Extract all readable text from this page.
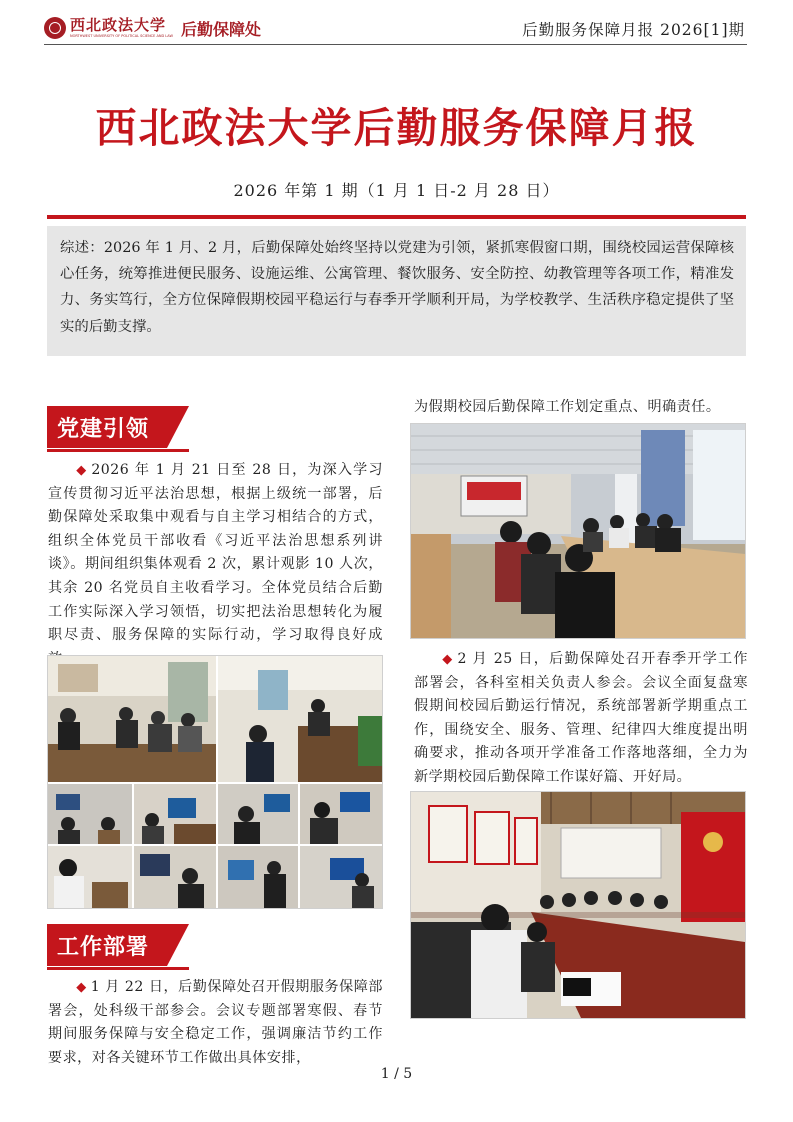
西北政法大学
NORTHWEST UNIVERSITY OF POLITICAL SCIENCE AND LAW 后勤保障处	后勤服务保障月报 2026[1]期
西北政法大学后勤服务保障月报
2026 年第 1 期（1 月 1 日-2 月 28 日）
综述：2026 年 1 月、2 月，后勤保障处始终坚持以党建为引领，紧抓寒假窗口期，围绕校园运营保障核心任务，统筹推进便民服务、设施运维、公寓管理、餐饮服务、安全防控、幼教管理等各项工作，精准发力、务实笃行，全方位保障假期校园平稳运行与春季开学顺利开局，为学校教学、生活秩序稳定提供了坚实的后勤支撑。
党建引领
◆ 2026 年 1 月 21 日至 28 日，为深入学习宣传贯彻习近平法治思想，根据上级统一部署，后勤保障处采取集中观看与自主学习相结合的方式，组织全体党员干部收看《习近平法治思想系列讲谈》。期间组织集体观看 2 次，累计观影 10 人次，其余 20 名党员自主收看学习。全体党员结合后勤工作实际深入学习领悟，切实把法治思想转化为履职尽责、服务保障的实际行动，学习取得良好成
工作部署
◆ 1 月 22 日，后勤保障处召开假期服务保障部署会，处科级干部参会。会议专题部署寒假、春节期间服务保障与安全稳定工作，强调廉洁节约工作要求，对各关键环节工作做出具体安排，
为假期校园后勤保障工作划定重点、明确责任。
◆ 2 月 25 日，后勤保障处召开春季开学工作部署会，各科室相关负责人参会。会议全面复盘寒假期间校园后勤运行情况，系统部署新学期重点工作，围绕安全、服务、管理、纪律四大维度提出明确要求，推动各项开学准备工作落地落细，全力为新学期校园后勤保障工作谋好篇、开好局。
1 / 5
